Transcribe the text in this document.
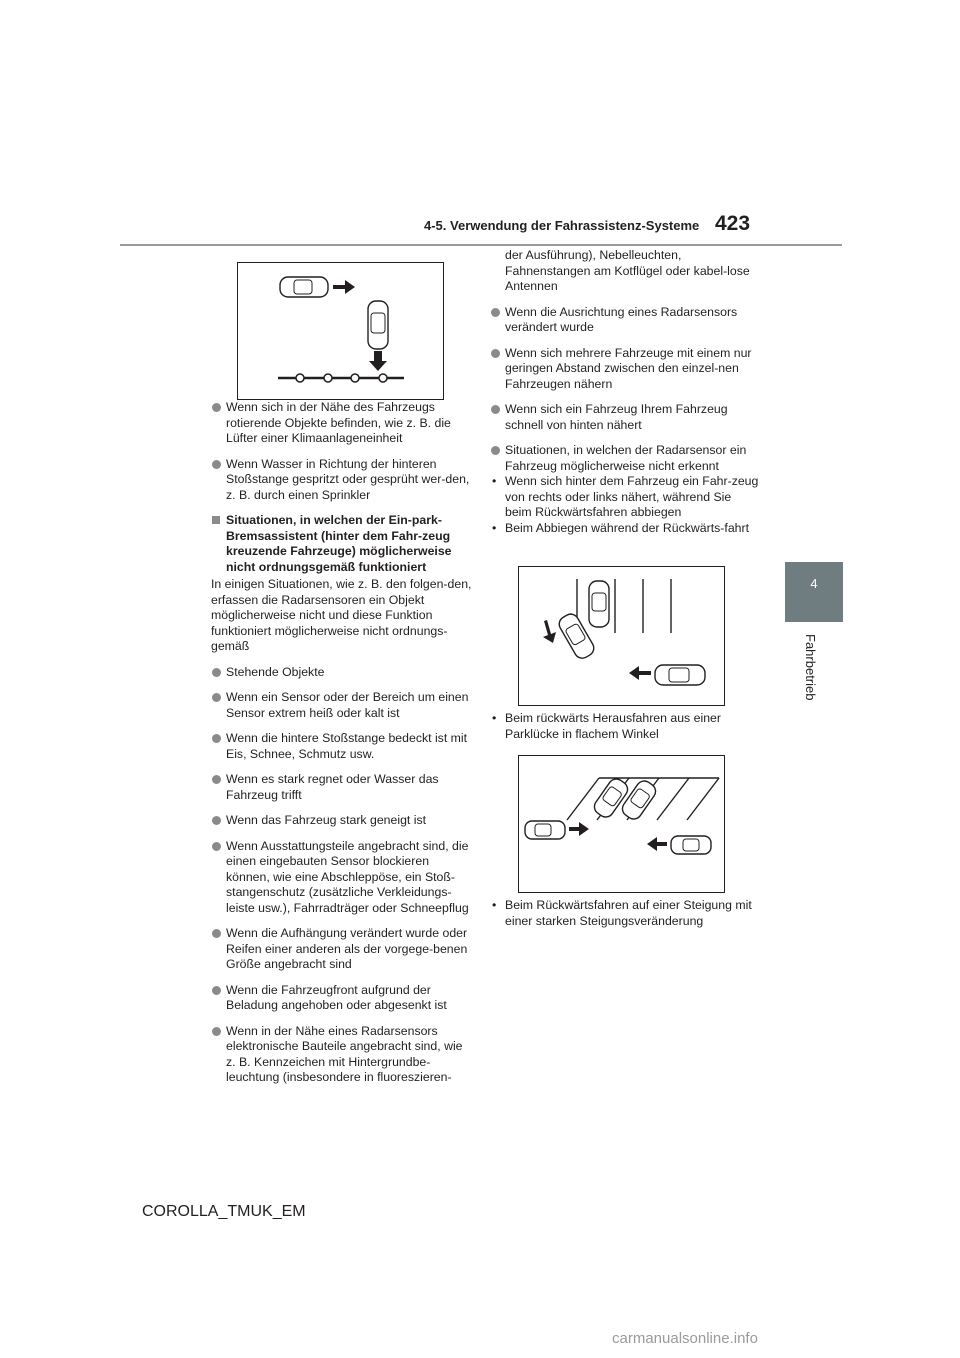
4-5. Verwendung der Fahrassistenz-Systeme 423
4
Fahrbetrieb
Wenn sich in der Nähe des Fahrzeugs rotierende Objekte befinden, wie z. B. die Lüfter einer Klimaanlageneinheit
Wenn Wasser in Richtung der hinteren Stoßstange gespritzt oder gesprüht wer-den, z. B. durch einen Sprinkler
Situationen, in welchen der Ein-park-Bremsassistent (hinter dem Fahr-zeug kreuzende Fahrzeuge) möglicherweise nicht ordnungsgemäß funktioniert
In einigen Situationen, wie z. B. den folgen-den, erfassen die Radarsensoren ein Objekt möglicherweise nicht und diese Funktion funktioniert möglicherweise nicht ordnungs-gemäß
Stehende Objekte
Wenn ein Sensor oder der Bereich um einen Sensor extrem heiß oder kalt ist
Wenn die hintere Stoßstange bedeckt ist mit Eis, Schnee, Schmutz usw.
Wenn es stark regnet oder Wasser das Fahrzeug trifft
Wenn das Fahrzeug stark geneigt ist
Wenn Ausstattungsteile angebracht sind, die einen eingebauten Sensor blockieren können, wie eine Abschleppöse, ein Stoß-stangenschutz (zusätzliche Verkleidungs-leiste usw.), Fahrradträger oder Schneepflug
Wenn die Aufhängung verändert wurde oder Reifen einer anderen als der vorgege-benen Größe angebracht sind
Wenn die Fahrzeugfront aufgrund der Beladung angehoben oder abgesenkt ist
Wenn in der Nähe eines Radarsensors elektronische Bauteile angebracht sind, wie z. B. Kennzeichen mit Hintergrundbe-leuchtung (insbesondere in fluoreszieren-
der Ausführung), Nebelleuchten, Fahnenstangen am Kotflügel oder kabel-lose Antennen
Wenn die Ausrichtung eines Radarsensors verändert wurde
Wenn sich mehrere Fahrzeuge mit einem nur geringen Abstand zwischen den einzel-nen Fahrzeugen nähern
Wenn sich ein Fahrzeug Ihrem Fahrzeug schnell von hinten nähert
Situationen, in welchen der Radarsensor ein Fahrzeug möglicherweise nicht erkennt
• Wenn sich hinter dem Fahrzeug ein Fahr-zeug von rechts oder links nähert, während Sie beim Rückwärtsfahren abbiegen
• Beim Abbiegen während der Rückwärts-fahrt
• Beim rückwärts Herausfahren aus einer Parklücke in flachem Winkel
• Beim Rückwärtsfahren auf einer Steigung mit einer starken Steigungsveränderung
COROLLA_TMUK_EM
carmanualsonline.info
